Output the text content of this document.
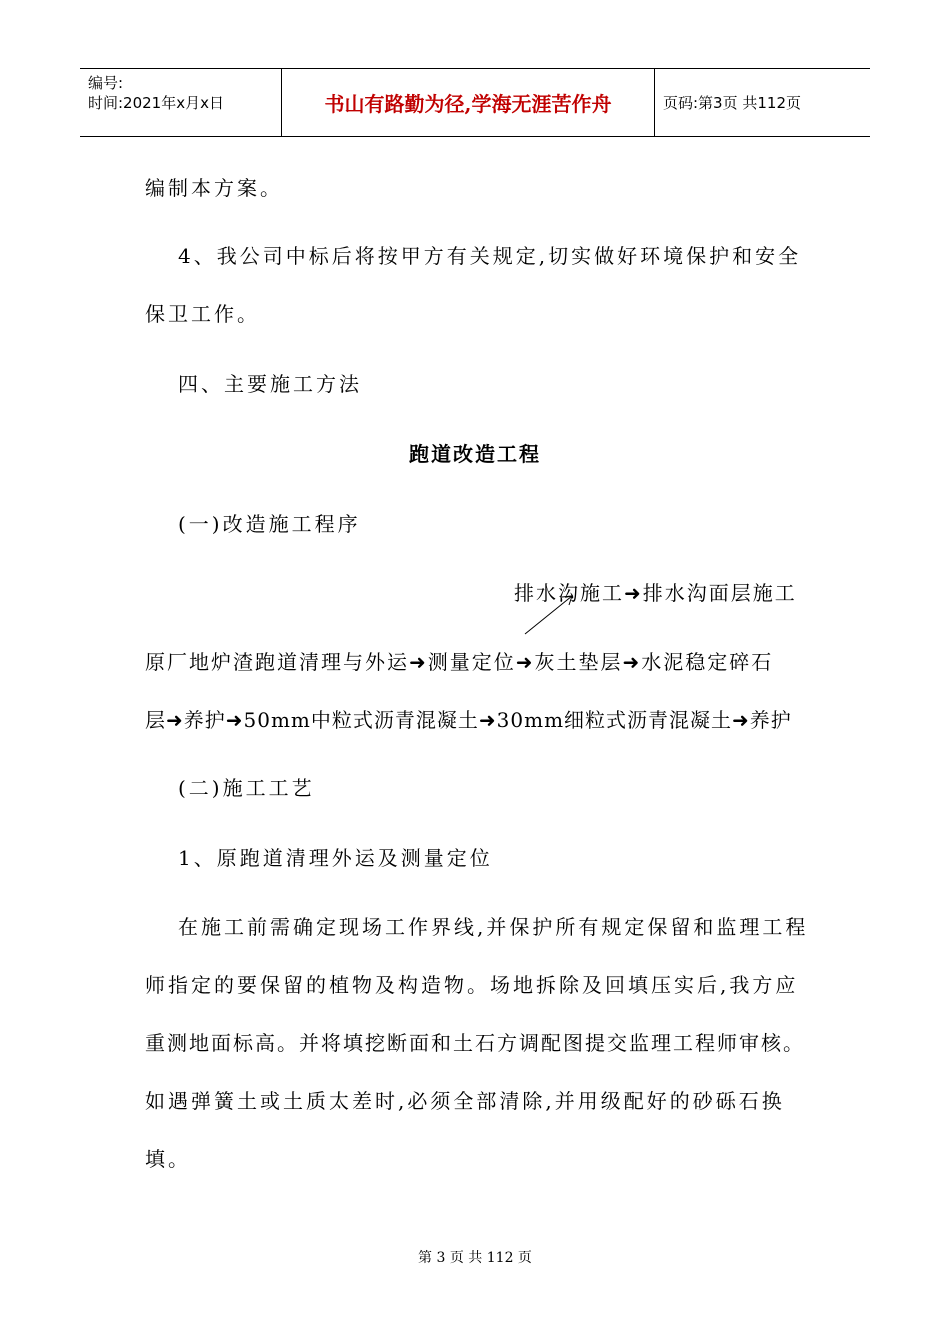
编号:
时间:2021年x月x日	书山有路勤为径,学海无涯苦作舟	页码:第3页 共112页
编制本方案。
4、我公司中标后将按甲方有关规定,切实做好环境保护和安全
保卫工作。
四、主要施工方法
跑道改造工程
(一)改造施工程序
排水沟施工➜排水沟面层施工
原厂地炉渣跑道清理与外运➜测量定位➜灰土垫层➜水泥稳定碎石
层➜养护➜50mm中粒式沥青混凝土➜30mm细粒式沥青混凝土➜养护
(二)施工工艺
1、原跑道清理外运及测量定位
在施工前需确定现场工作界线,并保护所有规定保留和监理工程
师指定的要保留的植物及构造物。场地拆除及回填压实后,我方应
重测地面标高。并将填挖断面和土石方调配图提交监理工程师审核。
如遇弹簧土或土质太差时,必须全部清除,并用级配好的砂砾石换
填。
第 3 页 共 112 页
